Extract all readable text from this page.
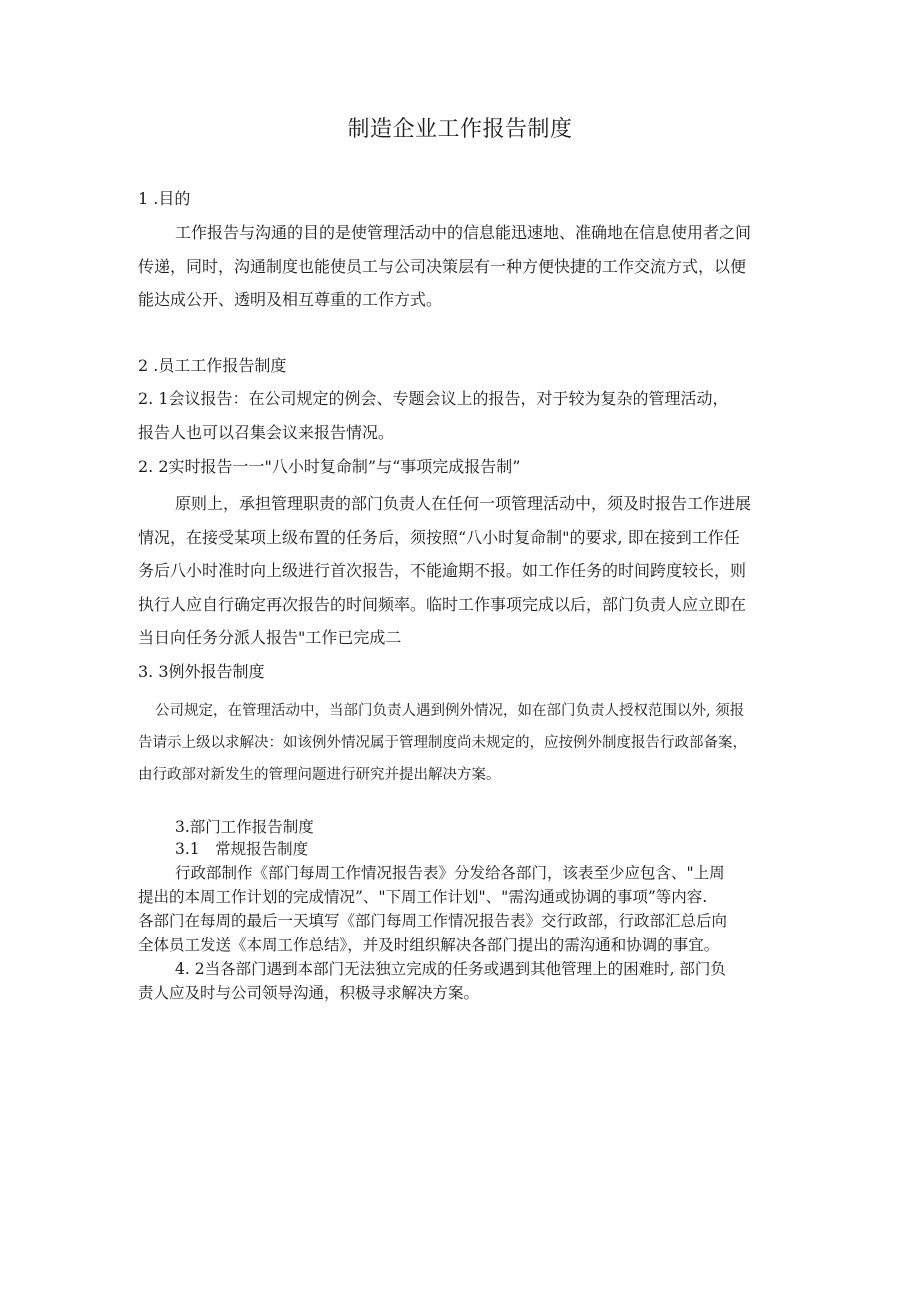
制造企业工作报告制度
1 .目的
工作报告与沟通的目的是使管理活动中的信息能迅速地、准确地在信息使用者之间
传递，同时，沟通制度也能使员工与公司决策层有一种方便快捷的工作交流方式，以便
能达成公开、透明及相互尊重的工作方式。
2 .员工工作报告制度
2. 1会议报告：在公司规定的例会、专题会议上的报告，对于较为复杂的管理活动，
报告人也可以召集会议来报告情况。
2. 2实时报告一一"八小时复命制”与“事项完成报告制”
原则上，承担管理职责的部门负责人在任何一项管理活动中，须及时报告工作进展
情况，在接受某项上级布置的任务后，须按照“八小时复命制"的要求, 即在接到工作任
务后八小时准时向上级进行首次报告，不能逾期不报。如工作任务的时间跨度较长，则
执行人应自行确定再次报告的时间频率。临时工作事项完成以后，部门负责人应立即在
当日向任务分派人报告"工作已完成二
3. 3例外报告制度
公司规定，在管理活动中，当部门负责人遇到例外情况，如在部门负责人授权范围以外, 须报
告请示上级以求解决：如该例外情况属于管理制度尚未规定的，应按例外制度报告行政部备案，
由行政部对新发生的管理问题进行研究并提出解决方案。
3.部门工作报告制度
3.1　常规报告制度
行政部制作《部门每周工作情况报告表》分发给各部门，该表至少应包含、"上周
提出的本周工作计划的完成情况”、"下周工作计划"、"需沟通或协调的事项”等内容.
各部门在每周的最后一天填写《部门每周工作情况报告表》交行政部，行政部汇总后向
全体员工发送《本周工作总结》，并及时组织解决各部门提出的需沟通和协调的事宜。
4. 2当各部门遇到本部门无法独立完成的任务或遇到其他管理上的困难时, 部门负
责人应及时与公司领导沟通，积极寻求解决方案。
